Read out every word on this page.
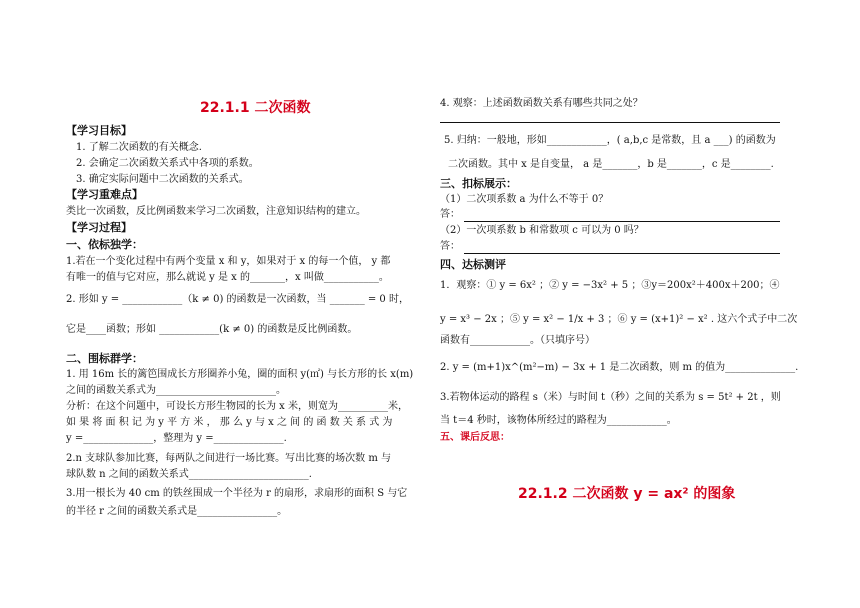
22.1.1 二次函数
【学习目标】
1. 了解二次函数的有关概念.
2. 会确定二次函数关系式中各项的系数。
3. 确定实际问题中二次函数的关系式。
【学习重难点】
类比一次函数，反比例函数来学习二次函数，注意知识结构的建立。
【学习过程】
一、依标独学：
1.若在一个变化过程中有两个变量 x 和 y，如果对于 x 的每一个值， y 都
有唯一的值与它对应，那么就说 y 是 x 的_______，x 叫做___________。
2. 形如 y = ____________（k ≠ 0) 的函数是一次函数，当 _______ = 0 时，
它是____函数；形如 ____________(k ≠ 0) 的函数是反比例函数。
二、围标群学：
1. 用 16m 长的篱笆围成长方形圈养小兔，圈的面积 y(㎡) 与长方形的长 x(m)
之间的函数关系式为________________________。
分析：在这个问题中，可设长方形生物园的长为 x 米，则宽为__________米，
如 果 将 面 积 记 为 y 平 方 米 ， 那 么 y 与 x 之 间 的 函 数 关 系 式 为
y =______________，整理为 y =______________.
2.n 支球队参加比赛，每两队之间进行一场比赛。写出比赛的场次数 m 与
球队数 n 之间的函数关系式________________________.
3.用一根长为 40 cm 的铁丝围成一个半径为 r 的扇形，求扇形的面积 S 与它
的半径 r 之间的函数关系式是________________。
4. 观察：上述函数函数关系有哪些共同之处？
5. 归纳：一般地，形如____________，( a,b,c 是常数，且 a ___) 的函数为
二次函数。其中 x 是自变量， a 是_______，b 是_______，c 是________.
三、扣标展示：
（1）二次项系数 a 为什么不等于 0？
答：
（2）一次项系数 b 和常数项 c 可以为 0 吗？
答：
四、达标测评
1．观察：① y = 6x² ；② y = −3x² + 5 ；③y＝200x²＋400x＋200；④
y = x³ − 2x ；⑤ y = x² − 1/x + 3 ；⑥ y = (x+1)² − x² . 这六个式子中二次
函数有____________。（只填序号）
2. y = (m+1)x^(m²−m) − 3x + 1 是二次函数，则 m 的值为______________.
3.若物体运动的路程 s（米）与时间 t（秒）之间的关系为 s = 5t² + 2t ，则
当 t＝4 秒时，该物体所经过的路程为____________。
五、课后反思：
22.1.2 二次函数 y = ax² 的图象
